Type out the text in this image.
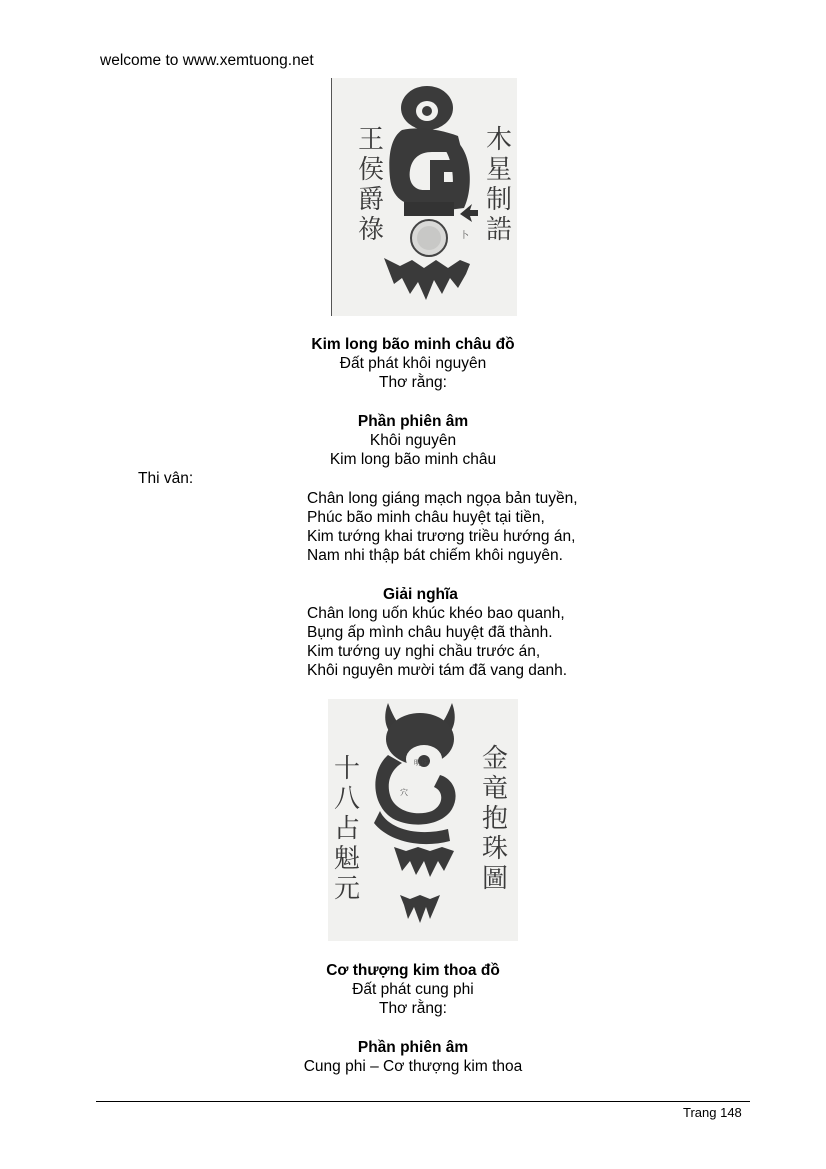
welcome to www.xemtuong.net
王侯爵祿
木星制誥
卜
Kim long bão minh châu đồ
Đất phát khôi nguyên
Thơ rằng:
Phần phiên âm
Khôi nguyên
Kim long bão minh châu
Thi vân:
Chân long giáng mạch ngọa bản tuyền,
Phúc bão minh châu huyệt tại tiền,
Kim tướng khai trương triều hướng án,
Nam nhi thập bát chiếm khôi nguyên.
Giải nghĩa
Chân long uốn khúc khéo bao quanh,
Bụng ấp mình châu huyệt đã thành.
Kim tướng uy nghi chầu trước án,
Khôi nguyên mười tám đã vang danh.
十八占魁元
金竜抱珠圖
明珠
穴
Cơ thượng kim thoa đồ
Đất phát cung phi
Thơ rằng:
Phần phiên âm
Cung phi – Cơ thượng kim thoa
Trang 148
